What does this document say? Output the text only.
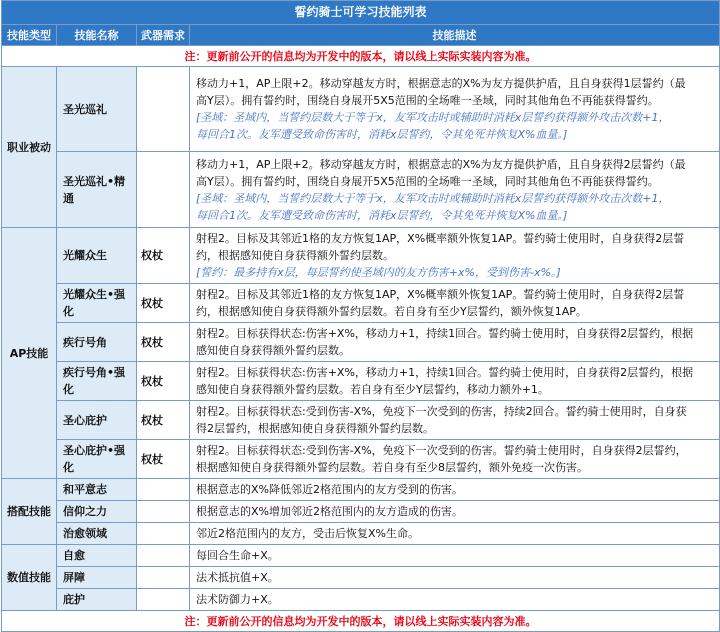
誓约骑士可学习技能列表			
技能类型	技能名称	武器需求	技能描述
注：更新前公开的信息均为开发中的版本，请以线上实际实装内容为准。			
职业被动	圣光巡礼		移动力+1，AP上限+2。移动穿越友方时，根据意志的X%为友方提供护盾，且自身获得1层誓约（最
高Y层）。拥有誓约时，围绕自身展开5X5范围的全场唯一圣域，同时其他角色不再能获得誓约。
[圣域：圣域内，当誓约层数大于等于x，友军攻击时或辅助时消耗x层誓约获得额外攻击次数+1，
每回合1次。友军遭受致命伤害时，消耗x层誓约，令其免死并恢复X%血量。]

	圣光巡礼•精通		移动力+1，AP上限+2。移动穿越友方时，根据意志的X%为友方提供护盾，且自身获得2层誓约（最
高Y层）。拥有誓约时，围绕自身展开5X5范围的全场唯一圣域，同时其他角色不再能获得誓约。
[圣域：圣域内，当誓约层数大于等于x，友军攻击时或辅助时消耗x层誓约获得额外攻击次数+1，
每回合1次。友军遭受致命伤害时，消耗x层誓约，令其免死并恢复X%血量。]

AP技能	光耀众生	权杖	射程2。目标及其邻近1格的友方恢复1AP，X%概率额外恢复1AP。誓约骑士使用时，自身获得2层誓
约，根据感知使自身获得额外誓约层数。
[誓约：最多持有x层，每层誓约使圣域内的友方伤害+x%，受到伤害-x%。]

	光耀众生•强化	权杖	射程2。目标及其邻近1格的友方恢复1AP，X%概率额外恢复1AP。誓约骑士使用时，自身获得2层誓
约，根据感知使自身获得额外誓约层数。若自身有至少Y层誓约，额外恢复1AP。

	疾行号角	权杖	射程2。目标获得状态:伤害+X%，移动力+1，持续1回合。誓约骑士使用时，自身获得2层誓约，根据
感知使自身获得额外誓约层数。

	疾行号角•强化	权杖	射程2。目标获得状态:伤害+X%，移动力+1，持续1回合。誓约骑士使用时，自身获得2层誓约，根据
感知使自身获得额外誓约层数。若自身有至少Y层誓约，移动力额外+1。

	圣心庇护	权杖	射程2。目标获得状态:受到伤害-X%，免疫下一次受到的伤害，持续2回合。誓约骑士使用时，自身获
得2层誓约，根据感知使自身获得额外誓约层数。

	圣心庇护•强化	权杖	射程2。目标获得状态:受到伤害-X%，免疫下一次受到的伤害。誓约骑士使用时，自身获得2层誓约，
根据感知使自身获得额外誓约层数。若自身有至少8层誓约，额外免疫一次伤害。

搭配技能	和平意志		根据意志的X%降低邻近2格范围内的友方受到的伤害。
	信仰之力		根据意志的X%增加邻近2格范围内的友方造成的伤害。
	治愈领域		邻近2格范围内的友方，受击后恢复X%生命。
数值技能	自愈		每回合生命+X。
	屏障		法术抵抗值+X。
	庇护		法术防御力+X。
注：更新前公开的信息均为开发中的版本，请以线上实际实装内容为准。			
